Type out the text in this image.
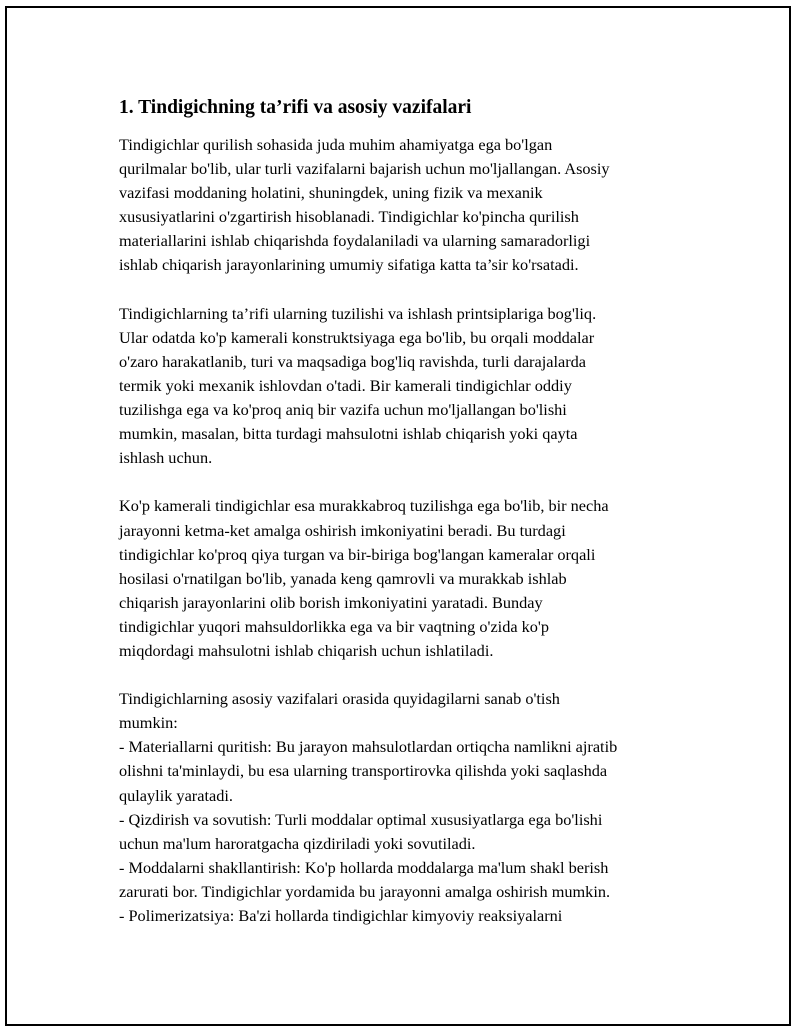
1. Tindigichning ta’rifi va asosiy vazifalari

Tindigichlar qurilish sohasida juda muhim ahamiyatga ega bo'lgan
qurilmalar bo'lib, ular turli vazifalarni bajarish uchun mo'ljallangan. Asosiy
vazifasi moddaning holatini, shuningdek, uning fizik va mexanik
xususiyatlarini o'zgartirish hisoblanadi. Tindigichlar ko'pincha qurilish
materiallarini ishlab chiqarishda foydalaniladi va ularning samaradorligi
ishlab chiqarish jarayonlarining umumiy sifatiga katta ta’sir ko'rsatadi.

Tindigichlarning ta’rifi ularning tuzilishi va ishlash printsiplariga bog'liq.
Ular odatda ko'p kamerali konstruktsiyaga ega bo'lib, bu orqali moddalar
o'zaro harakatlanib, turi va maqsadiga bog'liq ravishda, turli darajalarda
termik yoki mexanik ishlovdan o'tadi. Bir kamerali tindigichlar oddiy
tuzilishga ega va ko'proq aniq bir vazifa uchun mo'ljallangan bo'lishi
mumkin, masalan, bitta turdagi mahsulotni ishlab chiqarish yoki qayta
ishlash uchun.

Ko'p kamerali tindigichlar esa murakkabroq tuzilishga ega bo'lib, bir necha
jarayonni ketma-ket amalga oshirish imkoniyatini beradi. Bu turdagi
tindigichlar ko'proq qiya turgan va bir-biriga bog'langan kameralar orqali
hosilasi o'rnatilgan bo'lib, yanada keng qamrovli va murakkab ishlab
chiqarish jarayonlarini olib borish imkoniyatini yaratadi. Bunday
tindigichlar yuqori mahsuldorlikka ega va bir vaqtning o'zida ko'p
miqdordagi mahsulotni ishlab chiqarish uchun ishlatiladi.

Tindigichlarning asosiy vazifalari orasida quyidagilarni sanab o'tish
mumkin:
- Materiallarni quritish: Bu jarayon mahsulotlardan ortiqcha namlikni ajratib
olishni ta'minlaydi, bu esa ularning transportirovka qilishda yoki saqlashda
qulaylik yaratadi.
- Qizdirish va sovutish: Turli moddalar optimal xususiyatlarga ega bo'lishi
uchun ma'lum haroratgacha qizdiriladi yoki sovutiladi.
- Moddalarni shakllantirish: Ko'p hollarda moddalarga ma'lum shakl berish
zarurati bor. Tindigichlar yordamida bu jarayonni amalga oshirish mumkin.
- Polimerizatsiya: Ba'zi hollarda tindigichlar kimyoviy reaksiyalarni
